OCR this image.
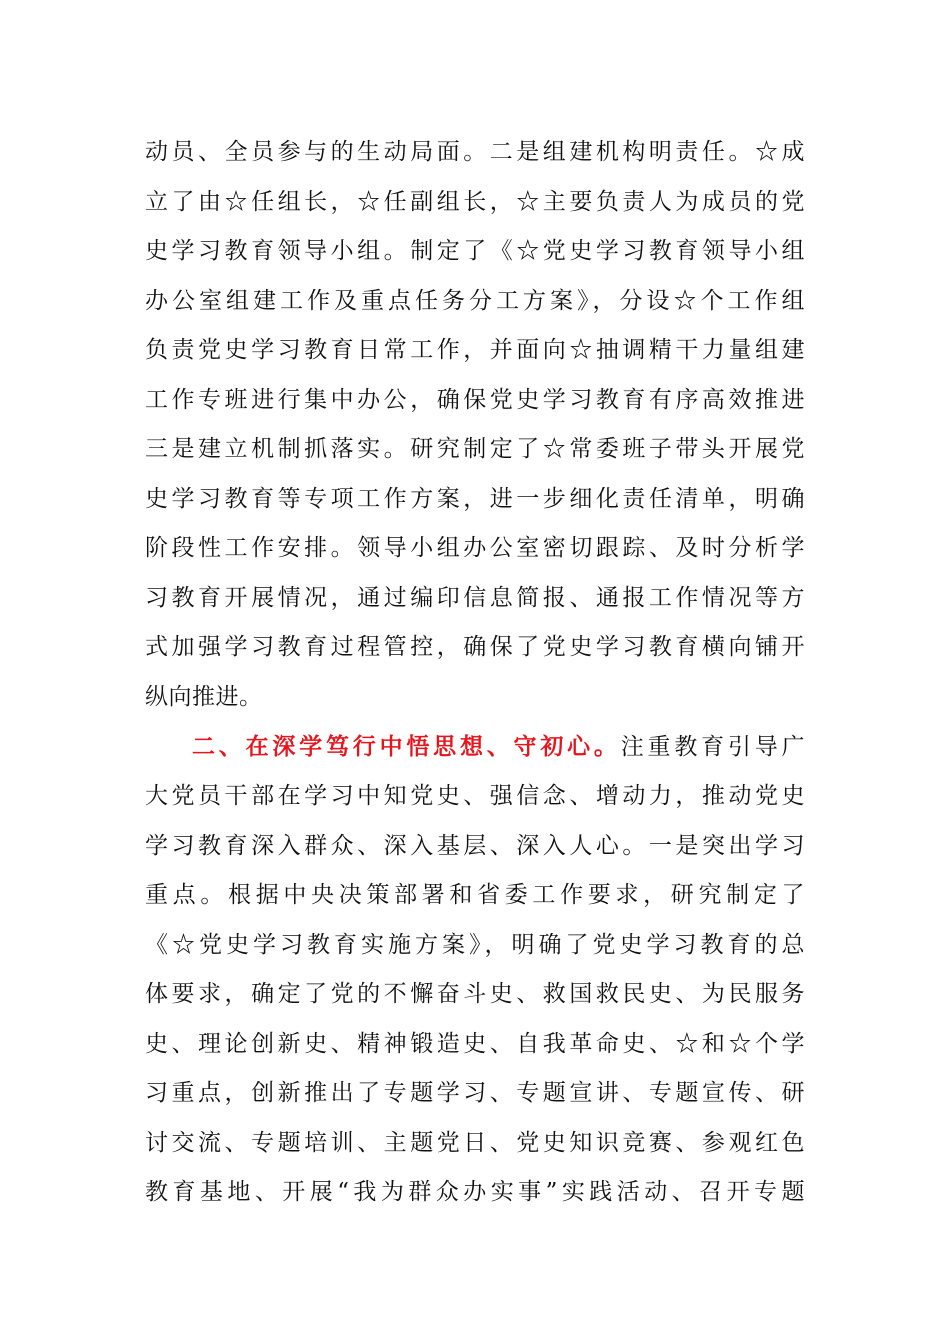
动员、全员参与的生动局面。二是组建机构明责任。☆成
立了由☆任组长，☆任副组长，☆主要负责人为成员的党
史学习教育领导小组。制定了《☆党史学习教育领导小组
办公室组建工作及重点任务分工方案》，分设☆个工作组
负责党史学习教育日常工作，并面向☆抽调精干力量组建
工作专班进行集中办公，确保党史学习教育有序高效推进
三是建立机制抓落实。研究制定了☆常委班子带头开展党
史学习教育等专项工作方案，进一步细化责任清单，明确
阶段性工作安排。领导小组办公室密切跟踪、及时分析学
习教育开展情况，通过编印信息简报、通报工作情况等方
式加强学习教育过程管控，确保了党史学习教育横向铺开
纵向推进。
二、在深学笃行中悟思想、守初心。注重教育引导广
大党员干部在学习中知党史、强信念、增动力，推动党史
学习教育深入群众、深入基层、深入人心。一是突出学习
重点。根据中央决策部署和省委工作要求，研究制定了
《☆党史学习教育实施方案》，明确了党史学习教育的总
体要求，确定了党的不懈奋斗史、救国救民史、为民服务
史、理论创新史、精神锻造史、自我革命史、☆和☆个学
习重点，创新推出了专题学习、专题宣讲、专题宣传、研
讨交流、专题培训、主题党日、党史知识竞赛、参观红色
教育基地、开展“我为群众办实事”实践活动、召开专题
